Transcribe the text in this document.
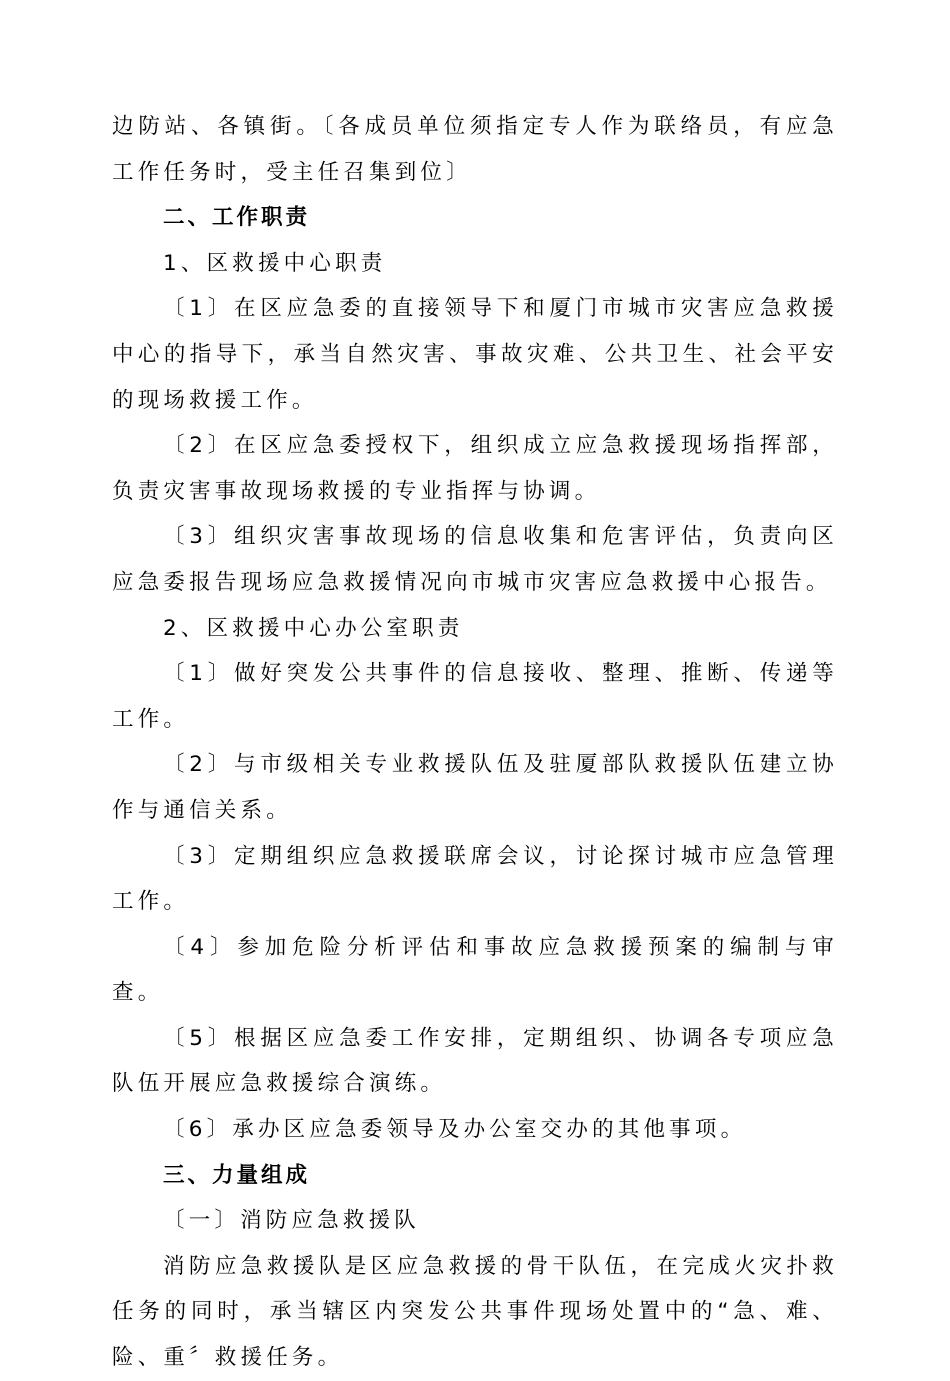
边防站、各镇街。〔各成员单位须指定专人作为联络员，有应急工作任务时，受主任召集到位〕

二、工作职责

1、区救援中心职责

〔1〕在区应急委的直接领导下和厦门市城市灾害应急救援中心的指导下，承当自然灾害、事故灾难、公共卫生、社会平安的现场救援工作。

〔2〕在区应急委授权下，组织成立应急救援现场指挥部，负责灾害事故现场救援的专业指挥与协调。

〔3〕组织灾害事故现场的信息收集和危害评估，负责向区应急委报告现场应急救援情况向市城市灾害应急救援中心报告。

2、区救援中心办公室职责

〔1〕做好突发公共事件的信息接收、整理、推断、传递等工作。

〔2〕与市级相关专业救援队伍及驻厦部队救援队伍建立协作与通信关系。

〔3〕定期组织应急救援联席会议，讨论探讨城市应急管理工作。

〔4〕参加危险分析评估和事故应急救援预案的编制与审查。

〔5〕根据区应急委工作安排，定期组织、协调各专项应急队伍开展应急救援综合演练。

〔6〕承办区应急委领导及办公室交办的其他事项。

三、力量组成

〔一〕消防应急救援队

消防应急救援队是区应急救援的骨干队伍，在完成火灾扑救任务的同时，承当辖区内突发公共事件现场处置中的“急、难、险、重〞救援任务。
